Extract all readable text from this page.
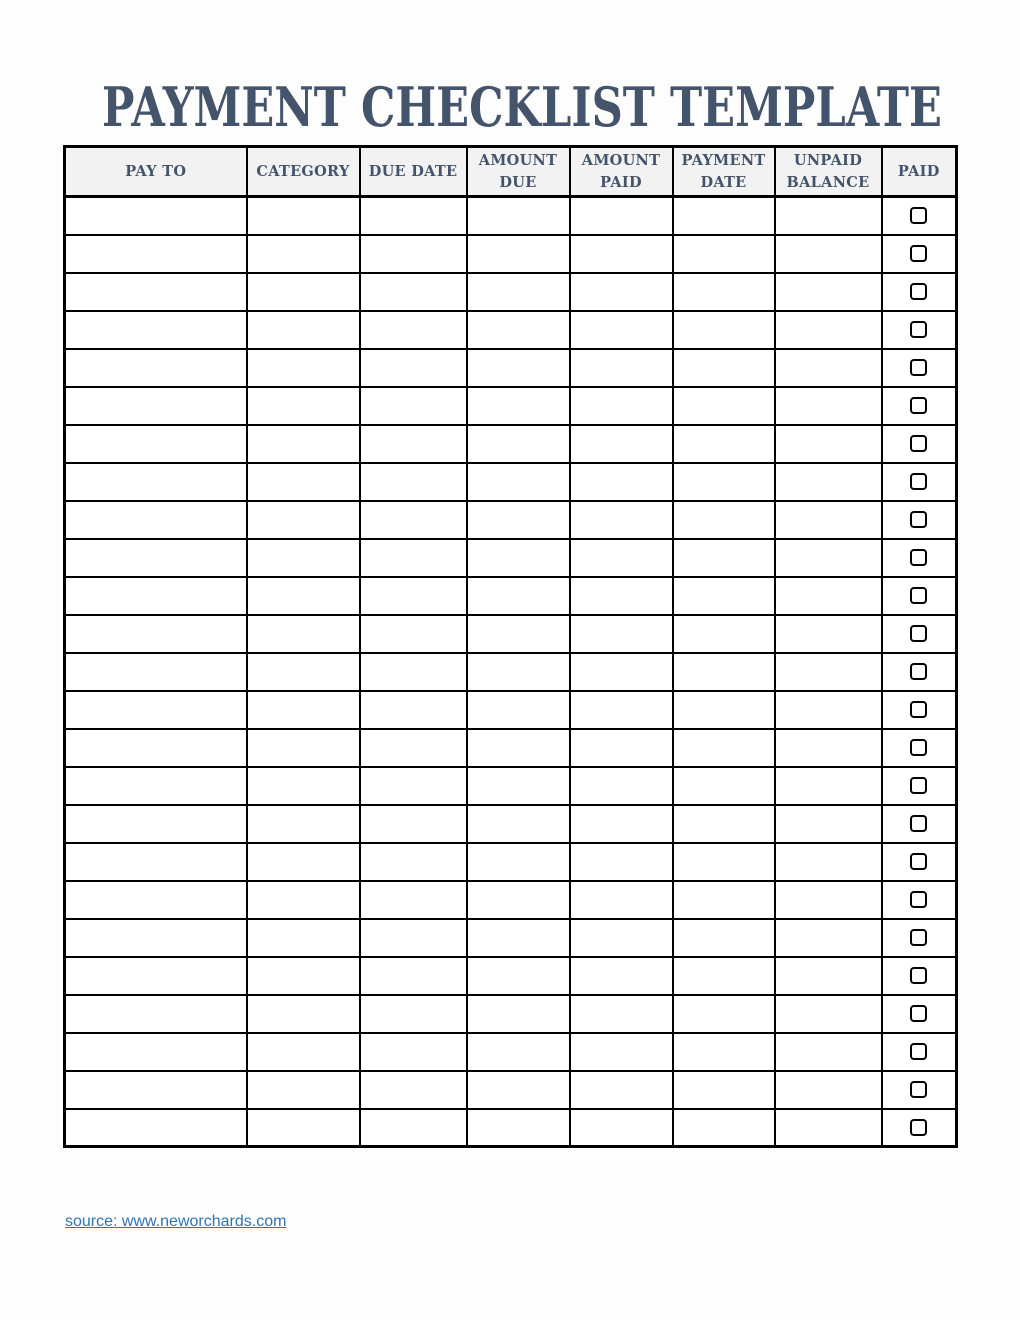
PAYMENT CHECKLIST TEMPLATE
PAY TO	CATEGORY	DUE DATE	AMOUNT DUE	AMOUNT PAID	PAYMENT DATE	UNPAID BALANCE	PAID

source: www.neworchards.com
